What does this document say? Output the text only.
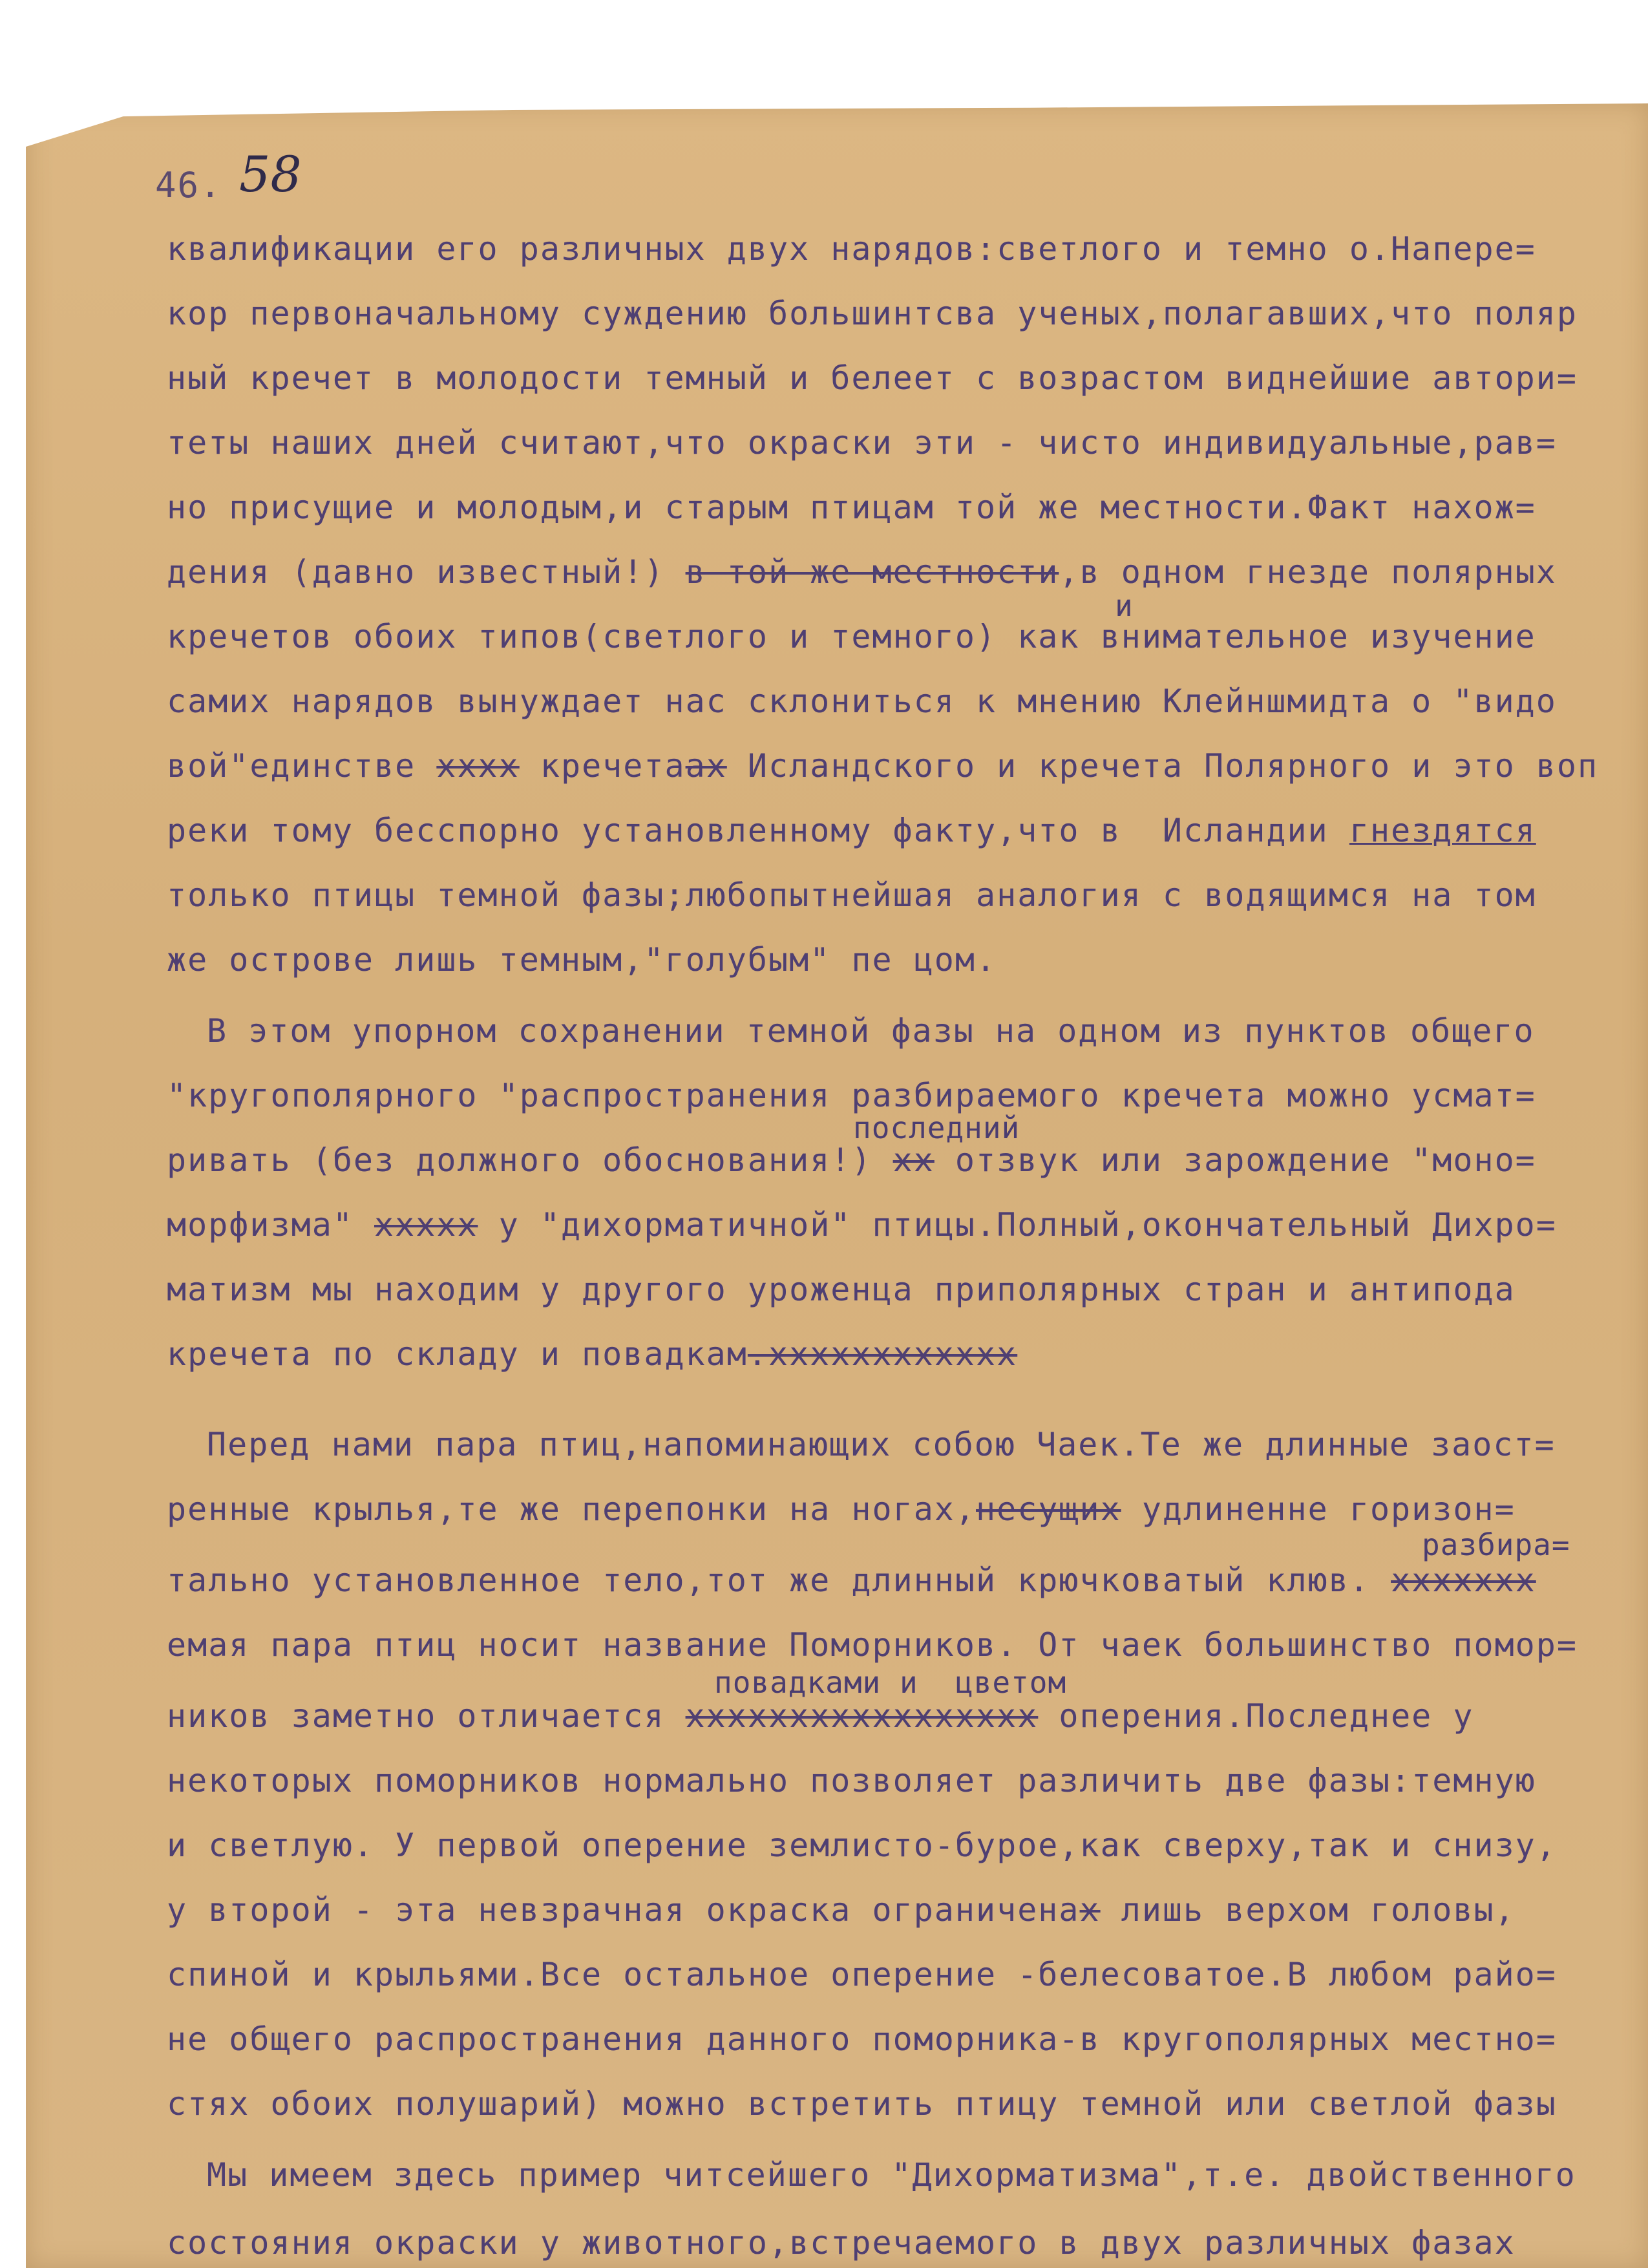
46. 58
квалификации его различных двух нарядов:светлого и темно о.Напере=
кор первоначальному суждению большинтсва ученых,полагавших,что поляр
ный кречет в молодости темный и белеет с возрастом виднейшие автори=
теты наших дней считают,что окраски эти - чисто индивидуальные,рав=
но присущие и молодым,и старым птицам той же местности.Факт нахож=
дения (давно известный!) в той же местности,в одном гнезде полярных
и
кречетов обоих типов(светлого и темного) как внимательное изучение
самих нарядов вынуждает нас склониться к мнению Клейншмидта о "видо
вой"единстве xxxx кречетаах Исландского и кречета Полярного и это воп
реки тому бесспорно установленному факту,что в  Исландии гнездятся
только птицы темной фазы;любопытнейшая аналогия с водящимся на том
же острове лишь темным,"голубым" пе цом.
В этом упорном сохранении темной фазы на одном из пунктов общего
"кругополярного "распространения разбираемого кречета можно усмат=
последний
ривать (без должного обоснования!) xx отзвук или зарождение "моно=
морфизма" xxxxx у "дихорматичной" птицы.Полный,окончательный Дихро=
матизм мы находим у другого уроженца приполярных стран и антипода
кречета по складу и повадкам.xxxxxxxxxxxx
Перед нами пара птиц,напоминающих собою Чаек.Те же длинные заост=
ренные крылья,те же перепонки на ногах,несущих удлиненне горизон=
разбира=
тально установленное тело,тот же длинный крючковатый клюв. xxxxxxx
емая пара птиц носит название Поморников. От чаек большинство помор=
повадками и  цветом
ников заметно отличается xxxxxxxxxxxxxxxxx оперения.Последнее у
некоторых поморников нормально позволяет различить две фазы:темную
и светлую. У первой оперение землисто-бурое,как сверху,так и снизу,
у второй - эта невзрачная окраска ограниченах лишь верхом головы,
спиной и крыльями.Все остальное оперение -белесоватое.В любом райо=
не общего распространения данного поморника-в кругополярных местно=
стях обоих полушарий) можно встретить птицу темной или светлой фазы
Мы имеем здесь пример читсейшего "Дихорматизма",т.е. двойственного
состояния окраски у животного,встречаемого в двух различных фазах
